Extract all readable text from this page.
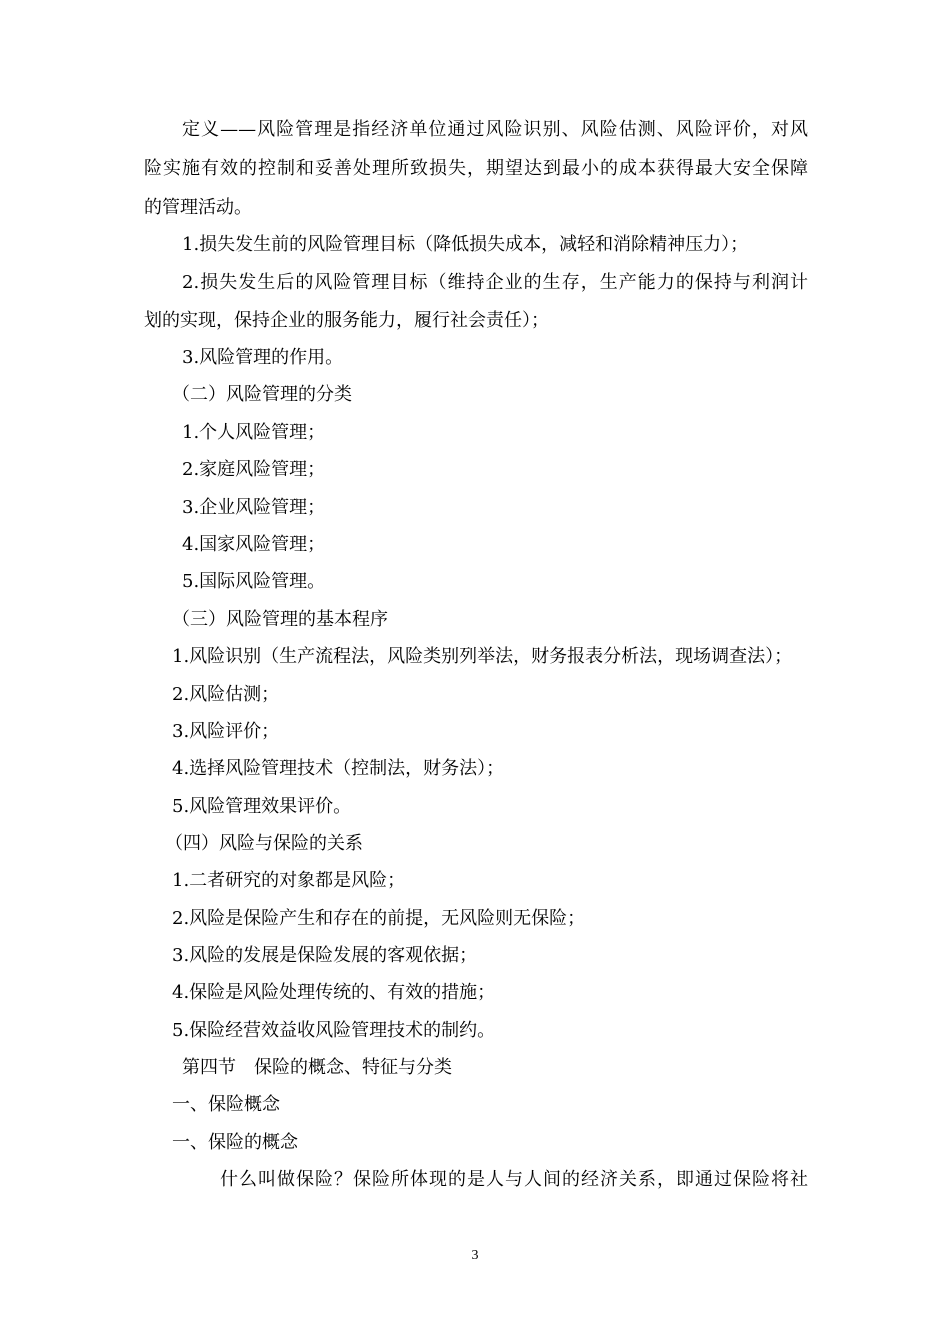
定义——风险管理是指经济单位通过风险识别、风险估测、风险评价，对风
险实施有效的控制和妥善处理所致损失，期望达到最小的成本获得最大安全保障
的管理活动。
1.损失发生前的风险管理目标（降低损失成本，减轻和消除精神压力）；
2.损失发生后的风险管理目标（维持企业的生存，生产能力的保持与利润计
划的实现，保持企业的服务能力，履行社会责任）；
3.风险管理的作用。
（二）风险管理的分类
1.个人风险管理；
2.家庭风险管理；
3.企业风险管理；
4.国家风险管理；
5.国际风险管理。
（三）风险管理的基本程序
1.风险识别（生产流程法，风险类别列举法，财务报表分析法，现场调查法）；
2.风险估测；
3.风险评价；
4.选择风险管理技术（控制法，财务法）；
5.风险管理效果评价。
（四）风险与保险的关系
1.二者研究的对象都是风险；
2.风险是保险产生和存在的前提，无风险则无保险；
3.风险的发展是保险发展的客观依据；
4.保险是风险处理传统的、有效的措施；
5.保险经营效益收风险管理技术的制约。
第四节　保险的概念、特征与分类
一、保险概念
一、保险的概念
什么叫做保险？保险所体现的是人与人间的经济关系，即通过保险将社
3
